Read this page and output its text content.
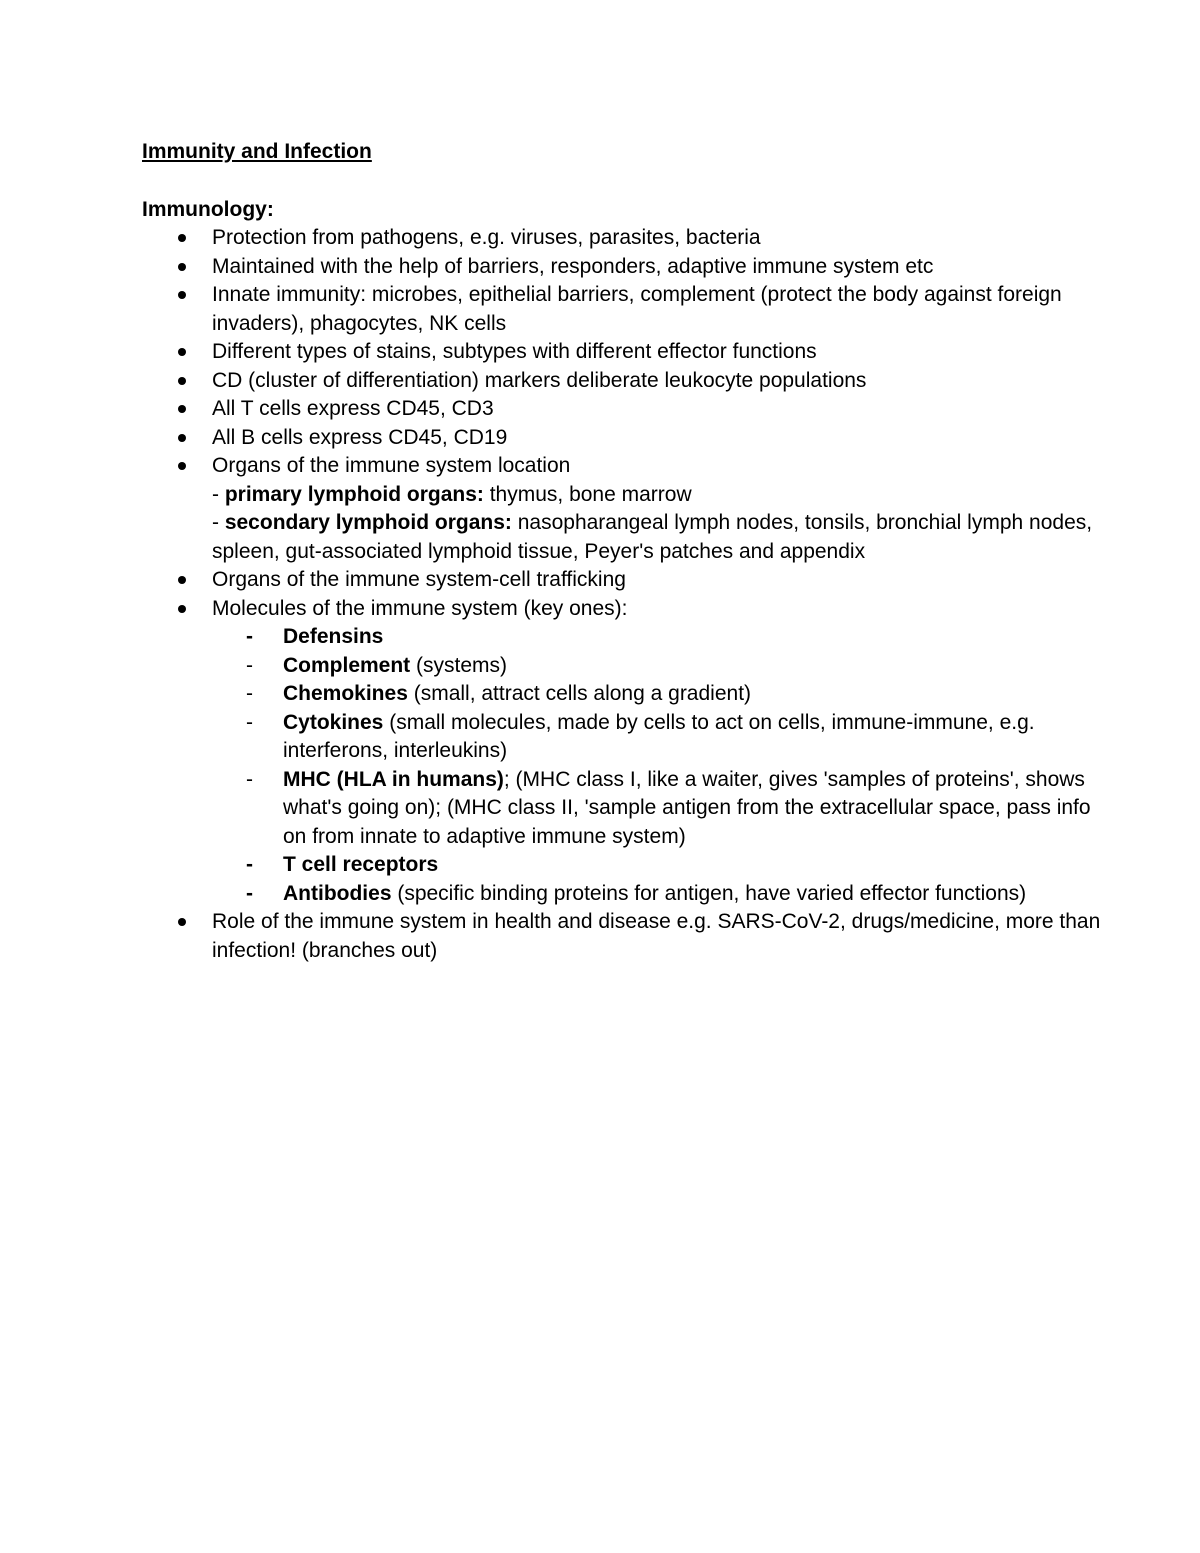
Immunity and Infection
Immunology:
Protection from pathogens, e.g. viruses, parasites, bacteria
Maintained with the help of barriers, responders, adaptive immune system etc
Innate immunity: microbes, epithelial barriers, complement (protect the body against foreign invaders), phagocytes, NK cells
Different types of stains, subtypes with different effector functions
CD (cluster of differentiation) markers deliberate leukocyte populations
All T cells express CD45, CD3
All B cells express CD45, CD19
Organs of the immune system location
- primary lymphoid organs: thymus, bone marrow
- secondary lymphoid organs: nasopharangeal lymph nodes, tonsils, bronchial lymph nodes, spleen, gut-associated lymphoid tissue, Peyer's patches and appendix
Organs of the immune system-cell trafficking
Molecules of the immune system (key ones):
- Defensins
- Complement (systems)
- Chemokines (small, attract cells along a gradient)
- Cytokines (small molecules, made by cells to act on cells, immune-immune, e.g. interferons, interleukins)
- MHC (HLA in humans); (MHC class I, like a waiter, gives 'samples of proteins', shows what's going on); (MHC class II, 'sample antigen from the extracellular space, pass info on from innate to adaptive immune system)
- T cell receptors
- Antibodies (specific binding proteins for antigen, have varied effector functions)
Role of the immune system in health and disease e.g. SARS-CoV-2, drugs/medicine, more than infection! (branches out)
